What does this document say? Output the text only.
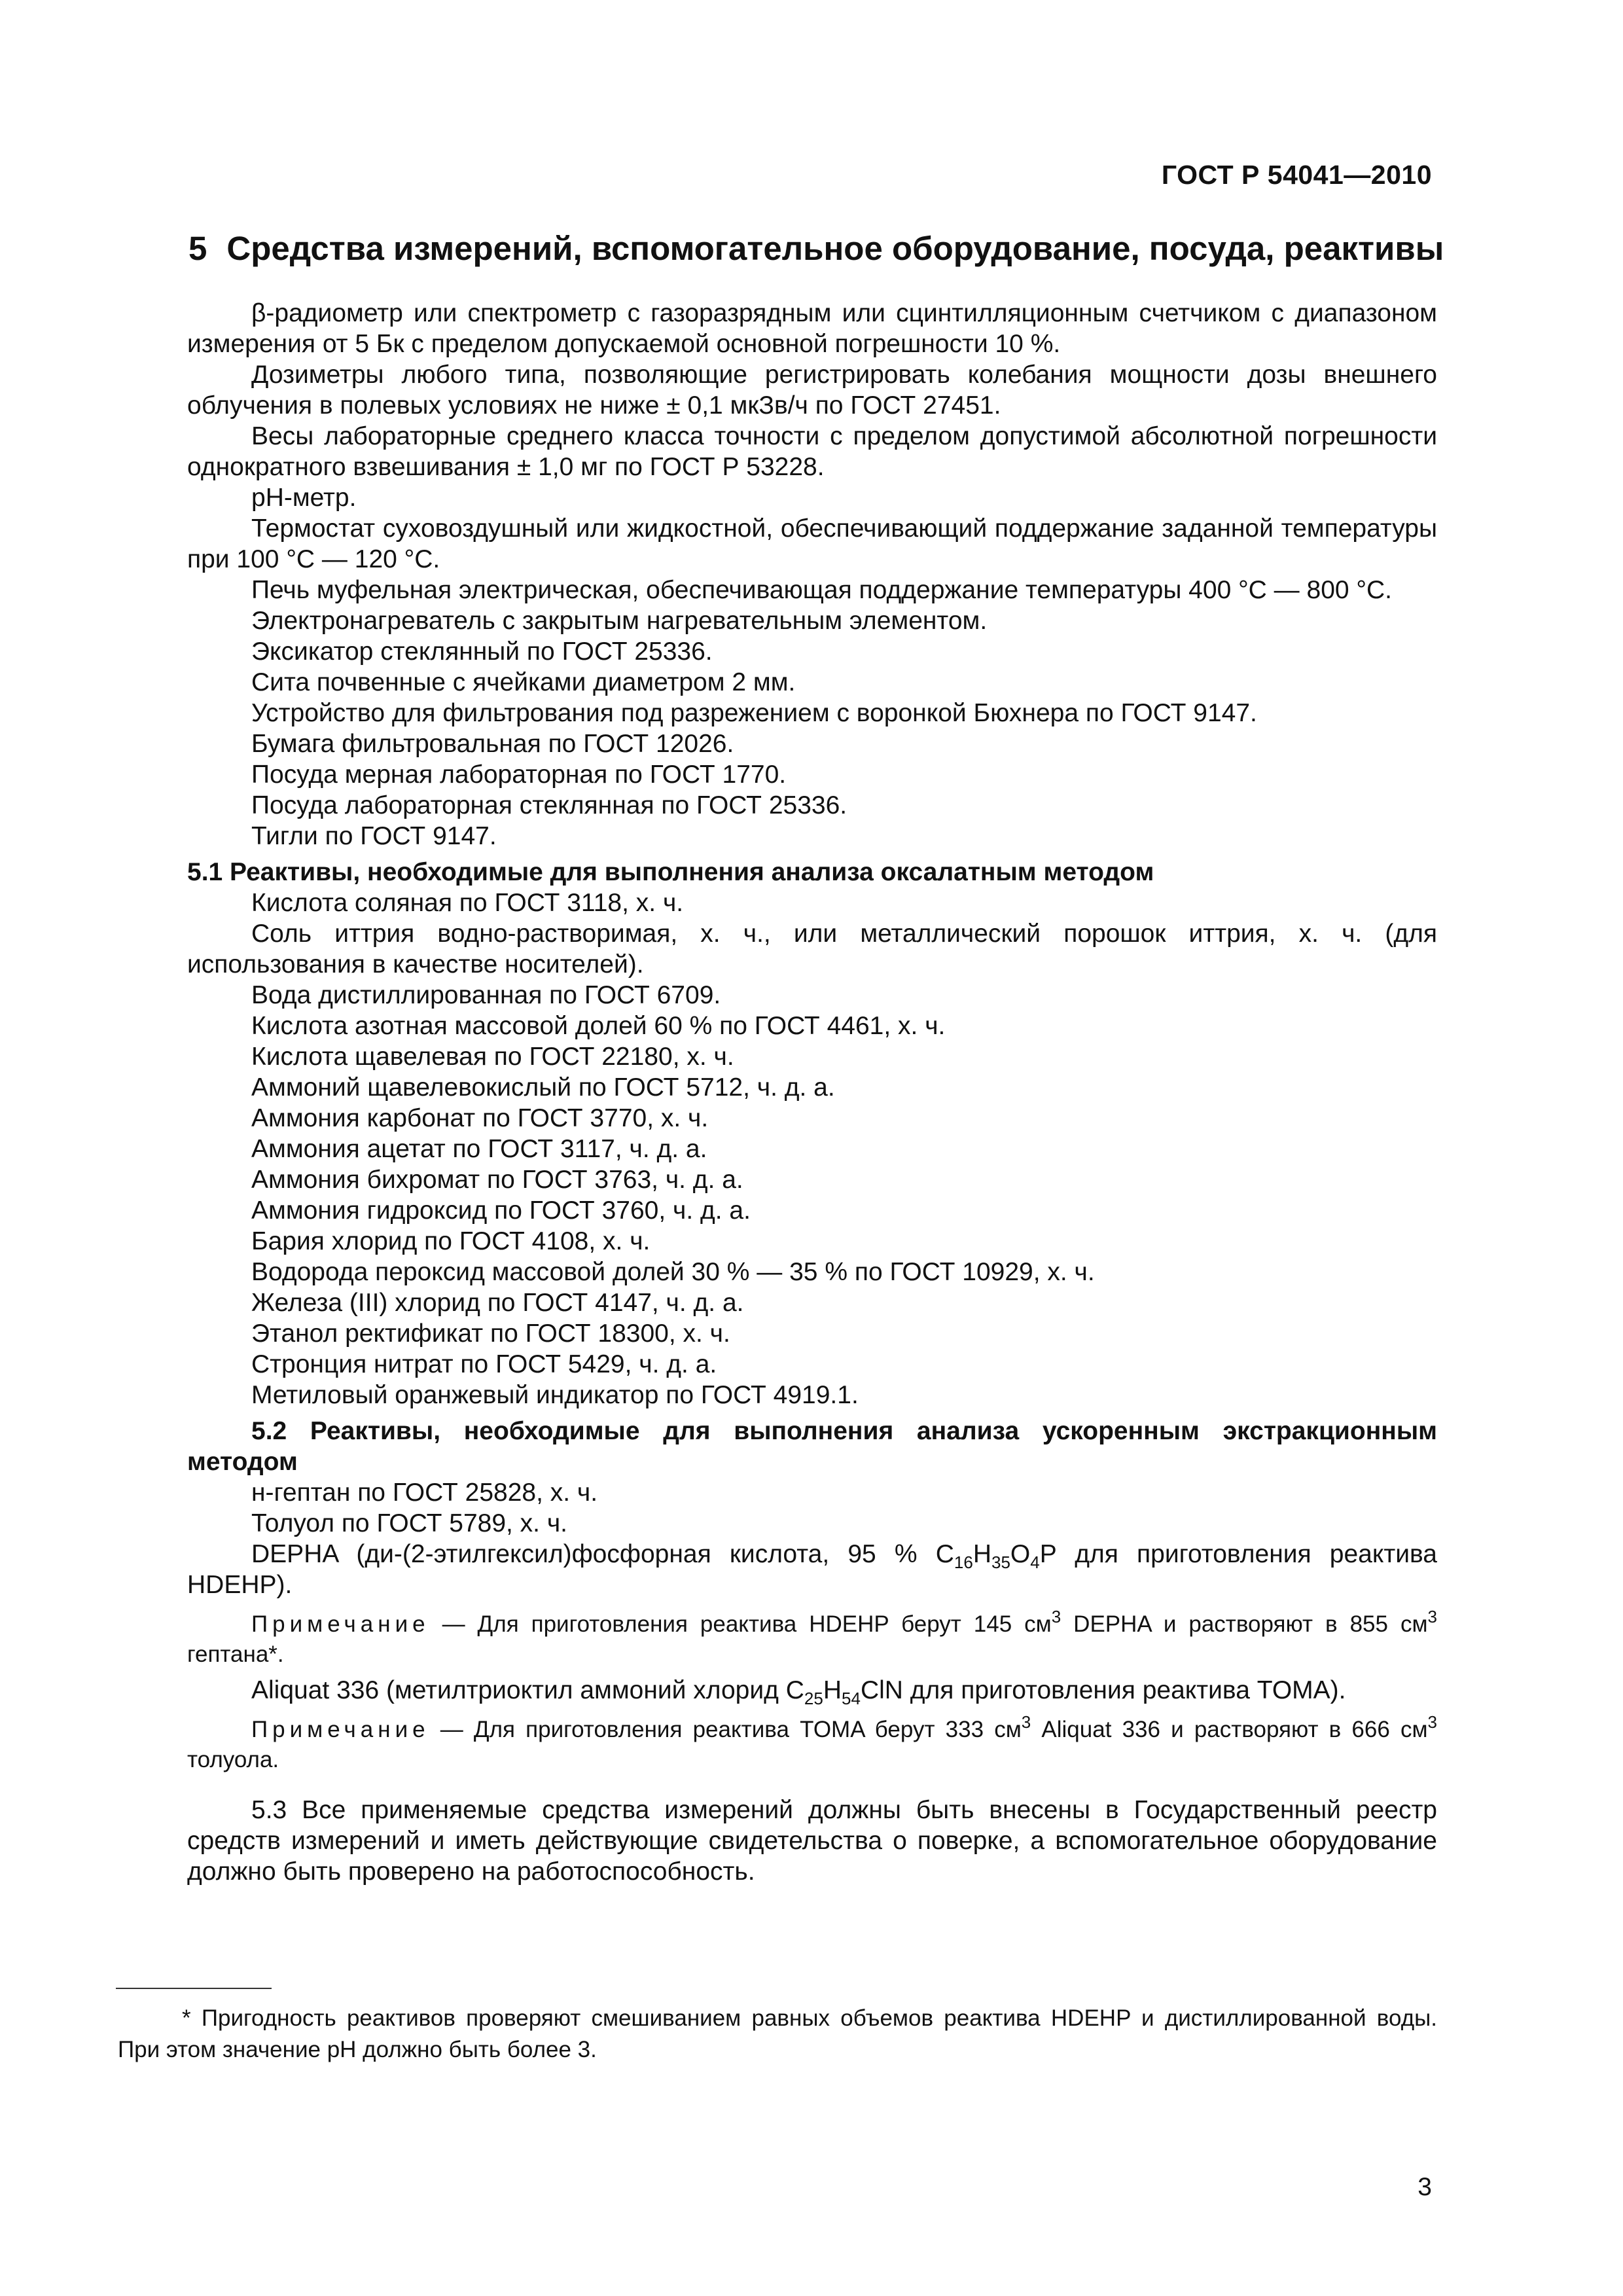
ГОСТ Р 54041—2010
5 Средства измерений, вспомогательное оборудование, посуда, реактивы
β-радиометр или спектрометр с газоразрядным или сцинтилляционным счетчиком с диапазоном измерения от 5 Бк с пределом допускаемой основной погрешности 10 %.
Дозиметры любого типа, позволяющие регистрировать колебания мощности дозы внешнего облучения в полевых условиях не ниже ± 0,1 мкЗв/ч по ГОСТ 27451.
Весы лабораторные среднего класса точности с пределом допустимой абсолютной погрешности однократного взвешивания ± 1,0 мг по ГОСТ Р 53228.
рН-метр.
Термостат суховоздушный или жидкостной, обеспечивающий поддержание заданной температуры при 100 °С — 120 °С.
Печь муфельная электрическая, обеспечивающая поддержание температуры 400 °С — 800 °С.
Электронагреватель с закрытым нагревательным элементом.
Эксикатор стеклянный по ГОСТ 25336.
Сита почвенные с ячейками диаметром 2 мм.
Устройство для фильтрования под разрежением с воронкой Бюхнера по ГОСТ 9147.
Бумага фильтровальная по ГОСТ 12026.
Посуда мерная лабораторная по ГОСТ 1770.
Посуда лабораторная стеклянная по ГОСТ 25336.
Тигли по ГОСТ 9147.
5.1 Реактивы, необходимые для выполнения анализа оксалатным методом
Кислота соляная по ГОСТ 3118, х. ч.
Соль иттрия водно-растворимая, х. ч., или металлический порошок иттрия, х. ч. (для использования в качестве носителей).
Вода дистиллированная по ГОСТ 6709.
Кислота азотная массовой долей 60 % по ГОСТ 4461, х. ч.
Кислота щавелевая по ГОСТ 22180, х. ч.
Аммоний щавелевокислый по ГОСТ 5712, ч. д. а.
Аммония карбонат по ГОСТ 3770, х. ч.
Аммония ацетат по ГОСТ 3117, ч. д. а.
Аммония бихромат по ГОСТ 3763, ч. д. а.
Аммония гидроксид по ГОСТ 3760, ч. д. а.
Бария хлорид по ГОСТ 4108, х. ч.
Водорода пероксид массовой долей 30 % — 35 % по ГОСТ 10929, х. ч.
Железа (III) хлорид по ГОСТ 4147, ч. д. а.
Этанол ректификат по ГОСТ 18300, х. ч.
Стронция нитрат по ГОСТ 5429, ч. д. а.
Метиловый оранжевый индикатор по ГОСТ 4919.1.
5.2 Реактивы, необходимые для выполнения анализа ускоренным экстракционным методом
н-гептан по ГОСТ 25828, х. ч.
Толуол по ГОСТ 5789, х. ч.
DEPHA (ди-(2-этилгексил)фосфорная кислота, 95 % $C_{16}H_{35}O_4P$ для приготовления реактива HDEHP).
Примечание — Для приготовления реактива HDEHP берут 145 $см^3$ DEPHA и растворяют в 855 $см^3$ гептана*.
Aliquat 336 (метилтриоктил аммоний хлорид $C_{25}H_{54}ClN$ для приготовления реактива TOMA).
Примечание — Для приготовления реактива TOMA берут 333 $см^3$ Aliquat 336 и растворяют в 666 $см^3$ толуола.
5.3 Все применяемые средства измерений должны быть внесены в Государственный реестр средств измерений и иметь действующие свидетельства о поверке, а вспомогательное оборудование должно быть проверено на работоспособность.
* Пригодность реактивов проверяют смешиванием равных объемов реактива HDEHP и дистиллированной воды. При этом значение pH должно быть более 3.
3
